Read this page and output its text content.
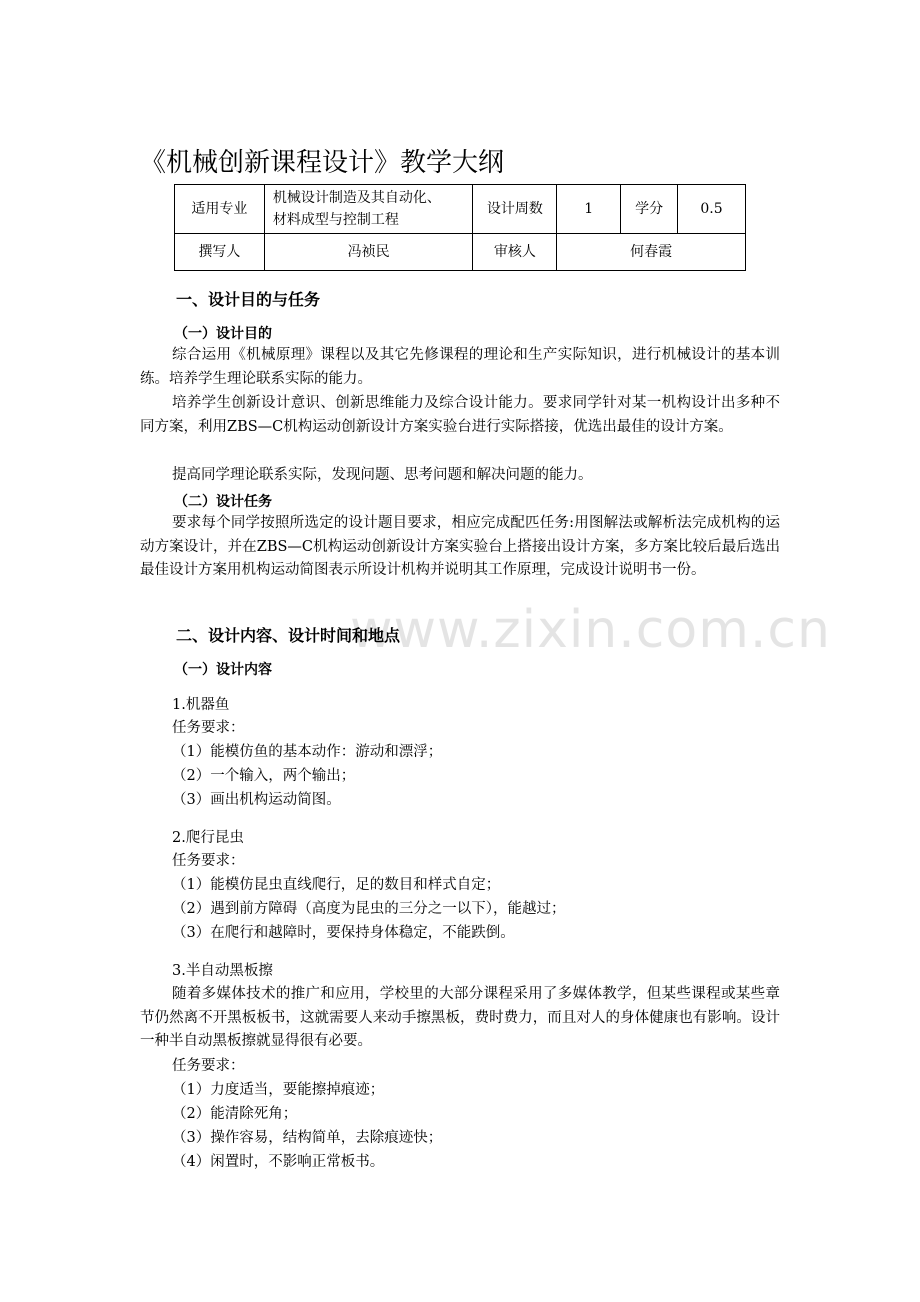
www.zixin.com.cn
《机械创新课程设计》教学大纲
适用专业	机械设计制造及其自动化、
材料成型与控制工程	设计周数	1	学分	0.5
撰写人	冯祯民	审核人	何春霞		
一、设计目的与任务
（一）设计目的
综合运用《机械原理》课程以及其它先修课程的理论和生产实际知识，进行机械设计的基本训练。培养学生理论联系实际的能力。
培养学生创新设计意识、创新思维能力及综合设计能力。要求同学针对某一机构设计出多种不同方案，利用ZBS—C机构运动创新设计方案实验台进行实际搭接，优选出最佳的设计方案。
提高同学理论联系实际，发现问题、思考问题和解决问题的能力。
（二）设计任务
要求每个同学按照所选定的设计题目要求，相应完成配匹任务:用图解法或解析法完成机构的运动方案设计，并在ZBS—C机构运动创新设计方案实验台上搭接出设计方案，多方案比较后最后选出最佳设计方案用机构运动简图表示所设计机构并说明其工作原理，完成设计说明书一份。
二、设计内容、设计时间和地点
（一）设计内容
1.机器鱼
任务要求：
（1）能模仿鱼的基本动作：游动和漂浮；
（2）一个输入，两个输出；
（3）画出机构运动简图。
2.爬行昆虫
任务要求：
（1）能模仿昆虫直线爬行，足的数目和样式自定；
（2）遇到前方障碍（高度为昆虫的三分之一以下），能越过；
（3）在爬行和越障时，要保持身体稳定，不能跌倒。
3.半自动黑板擦
随着多媒体技术的推广和应用，学校里的大部分课程采用了多媒体教学，但某些课程或某些章节仍然离不开黑板板书，这就需要人来动手擦黑板，费时费力，而且对人的身体健康也有影响。设计一种半自动黑板擦就显得很有必要。
任务要求：
（1）力度适当，要能擦掉痕迹；
（2）能清除死角；
（3）操作容易，结构简单，去除痕迹快；
（4）闲置时，不影响正常板书。
